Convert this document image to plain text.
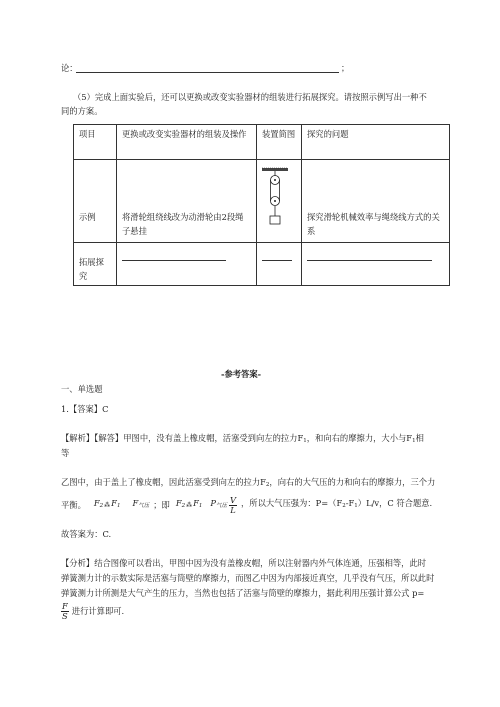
论：	；
（5）完成上面实验后，还可以更换或改变实验器材的组装进行拓展探究。请按照示例写出一种不
同的方案。
项目	更换或改变实验器材的组装及操作	装置简图	探究的问题
示例	将滑轮组绕线改为动滑轮由2段绳子悬挂		探究滑轮机械效率与绳绕线方式的关系
拓展探究	

-参考答案-
一、单选题
1.【答案】C
【解析】【解答】甲图中，没有盖上橡皮帽，活塞受到向左的拉力F1，和向右的摩擦力，大小与F1相
等
乙图中，由于盖上了橡皮帽，因此活塞受到向左的拉力F2，向右的大气压的力和向右的摩擦力，三个力
平衡。 F2 ⁂ F1 F气压 ；即 F2 ⁂ F1 P气压 $\frac{V}{L}$ ，所以大气压强为：P=（F2-F1）L/v，C 符合题意.
故答案为：C.
【分析】结合图像可以看出，甲图中因为没有盖橡皮帽，所以注射器内外气体连通，压强相等，此时
弹簧测力计的示数实际是活塞与筒壁的摩擦力，而图乙中因为内部接近真空，几乎没有气压，所以此时
弹簧测力计所测是大气产生的压力，当然也包括了活塞与筒壁的摩擦力，据此利用压强计算公式 p=
$\frac{F}{S}$ 进行计算即可.
